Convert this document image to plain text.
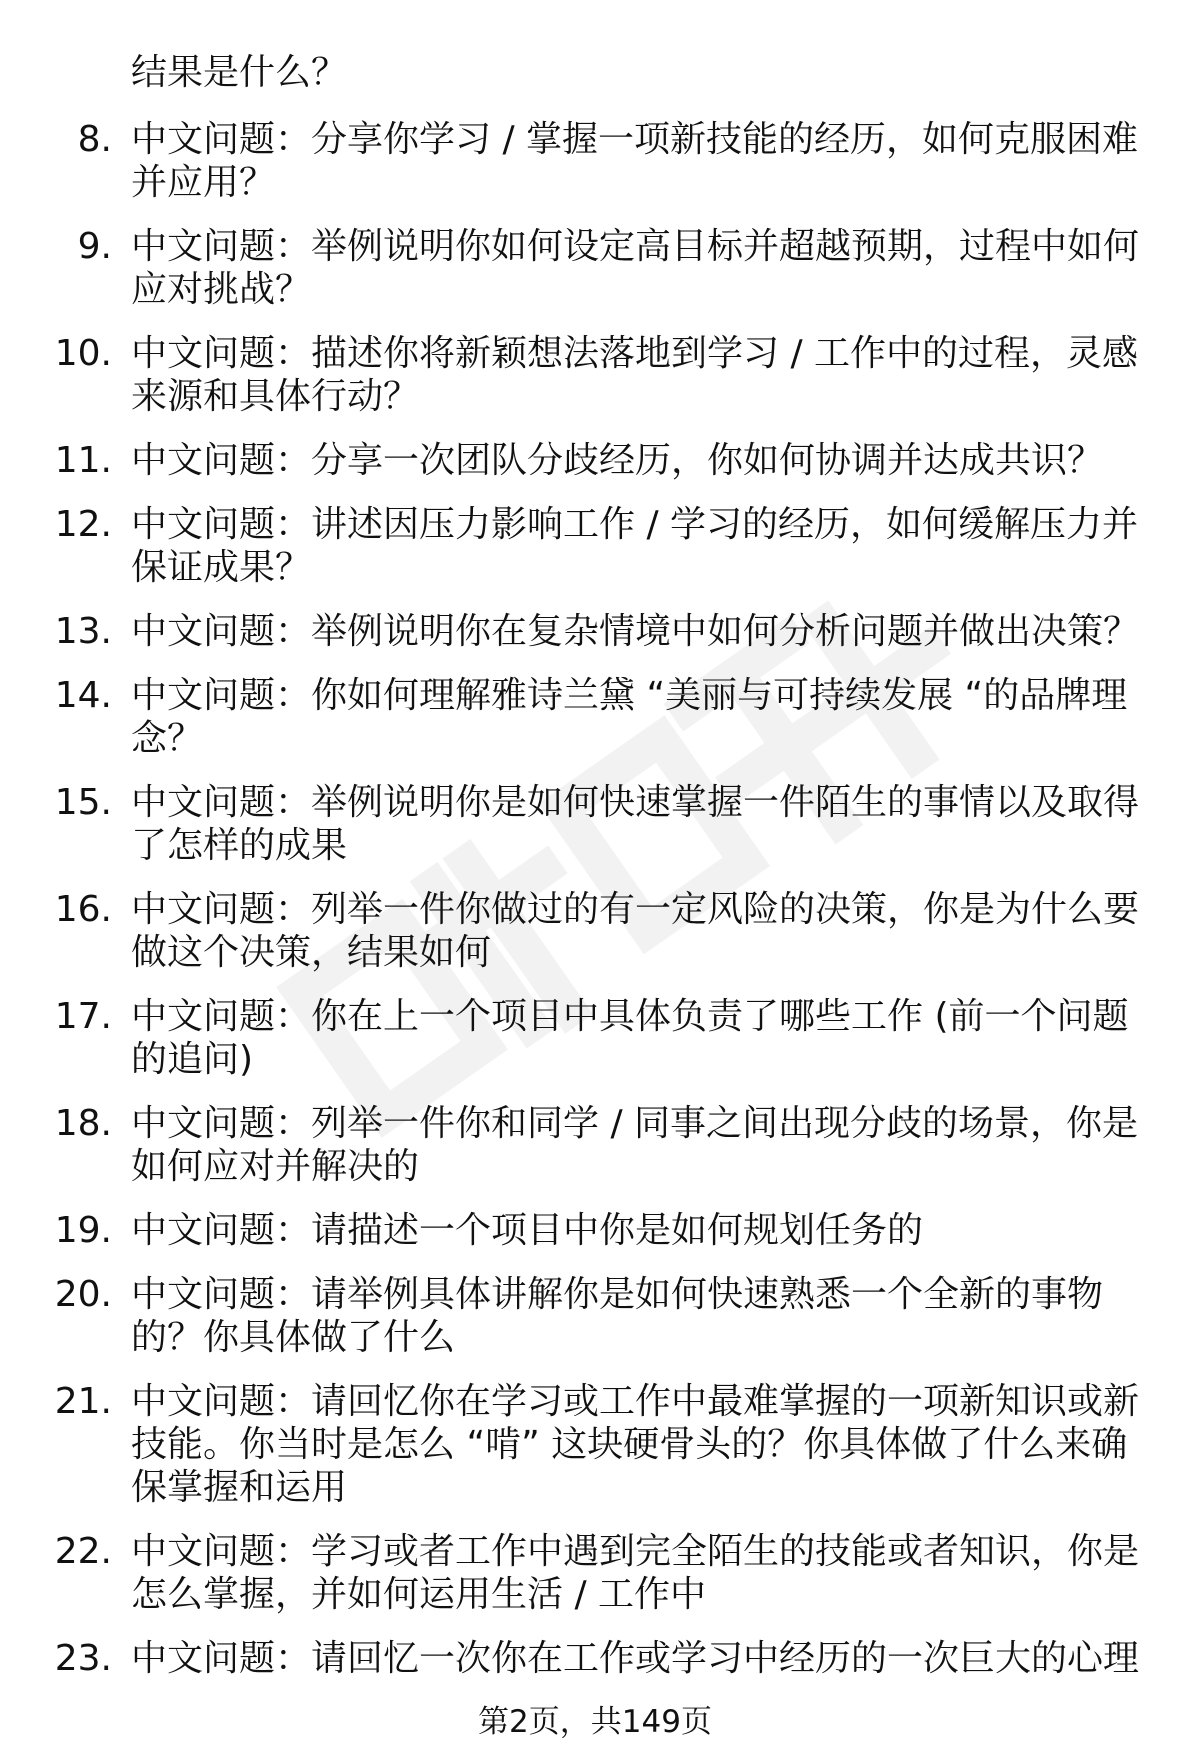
结果是什么？
8. 中文问题：分享你学习 / 掌握一项新技能的经历，如何克服困难并应用？
9. 中文问题：举例说明你如何设定高目标并超越预期，过程中如何应对挑战？
10. 中文问题：描述你将新颖想法落地到学习 / 工作中的过程，灵感来源和具体行动？
11. 中文问题：分享一次团队分歧经历，你如何协调并达成共识？
12. 中文问题：讲述因压力影响工作 / 学习的经历，如何缓解压力并保证成果？
13. 中文问题：举例说明你在复杂情境中如何分析问题并做出决策？
14. 中文问题：你如何理解雅诗兰黛 “美丽与可持续发展 “的品牌理念？
15. 中文问题：举例说明你是如何快速掌握一件陌生的事情以及取得了怎样的成果
16. 中文问题：列举一件你做过的有一定风险的决策，你是为什么要做这个决策，结果如何
17. 中文问题：你在上一个项目中具体负责了哪些工作 (前一个问题的追问)
18. 中文问题：列举一件你和同学 / 同事之间出现分歧的场景，你是如何应对并解决的
19. 中文问题：请描述一个项目中你是如何规划任务的
20. 中文问题：请举例具体讲解你是如何快速熟悉一个全新的事物的？你具体做了什么
21. 中文问题：请回忆你在学习或工作中最难掌握的一项新知识或新技能。你当时是怎么 “啃” 这块硬骨头的？你具体做了什么来确保掌握和运用
22. 中文问题：学习或者工作中遇到完全陌生的技能或者知识，你是怎么掌握，并如何运用生活 / 工作中
23. 中文问题：请回忆一次你在工作或学习中经历的一次巨大的心理
第2页，共149页
